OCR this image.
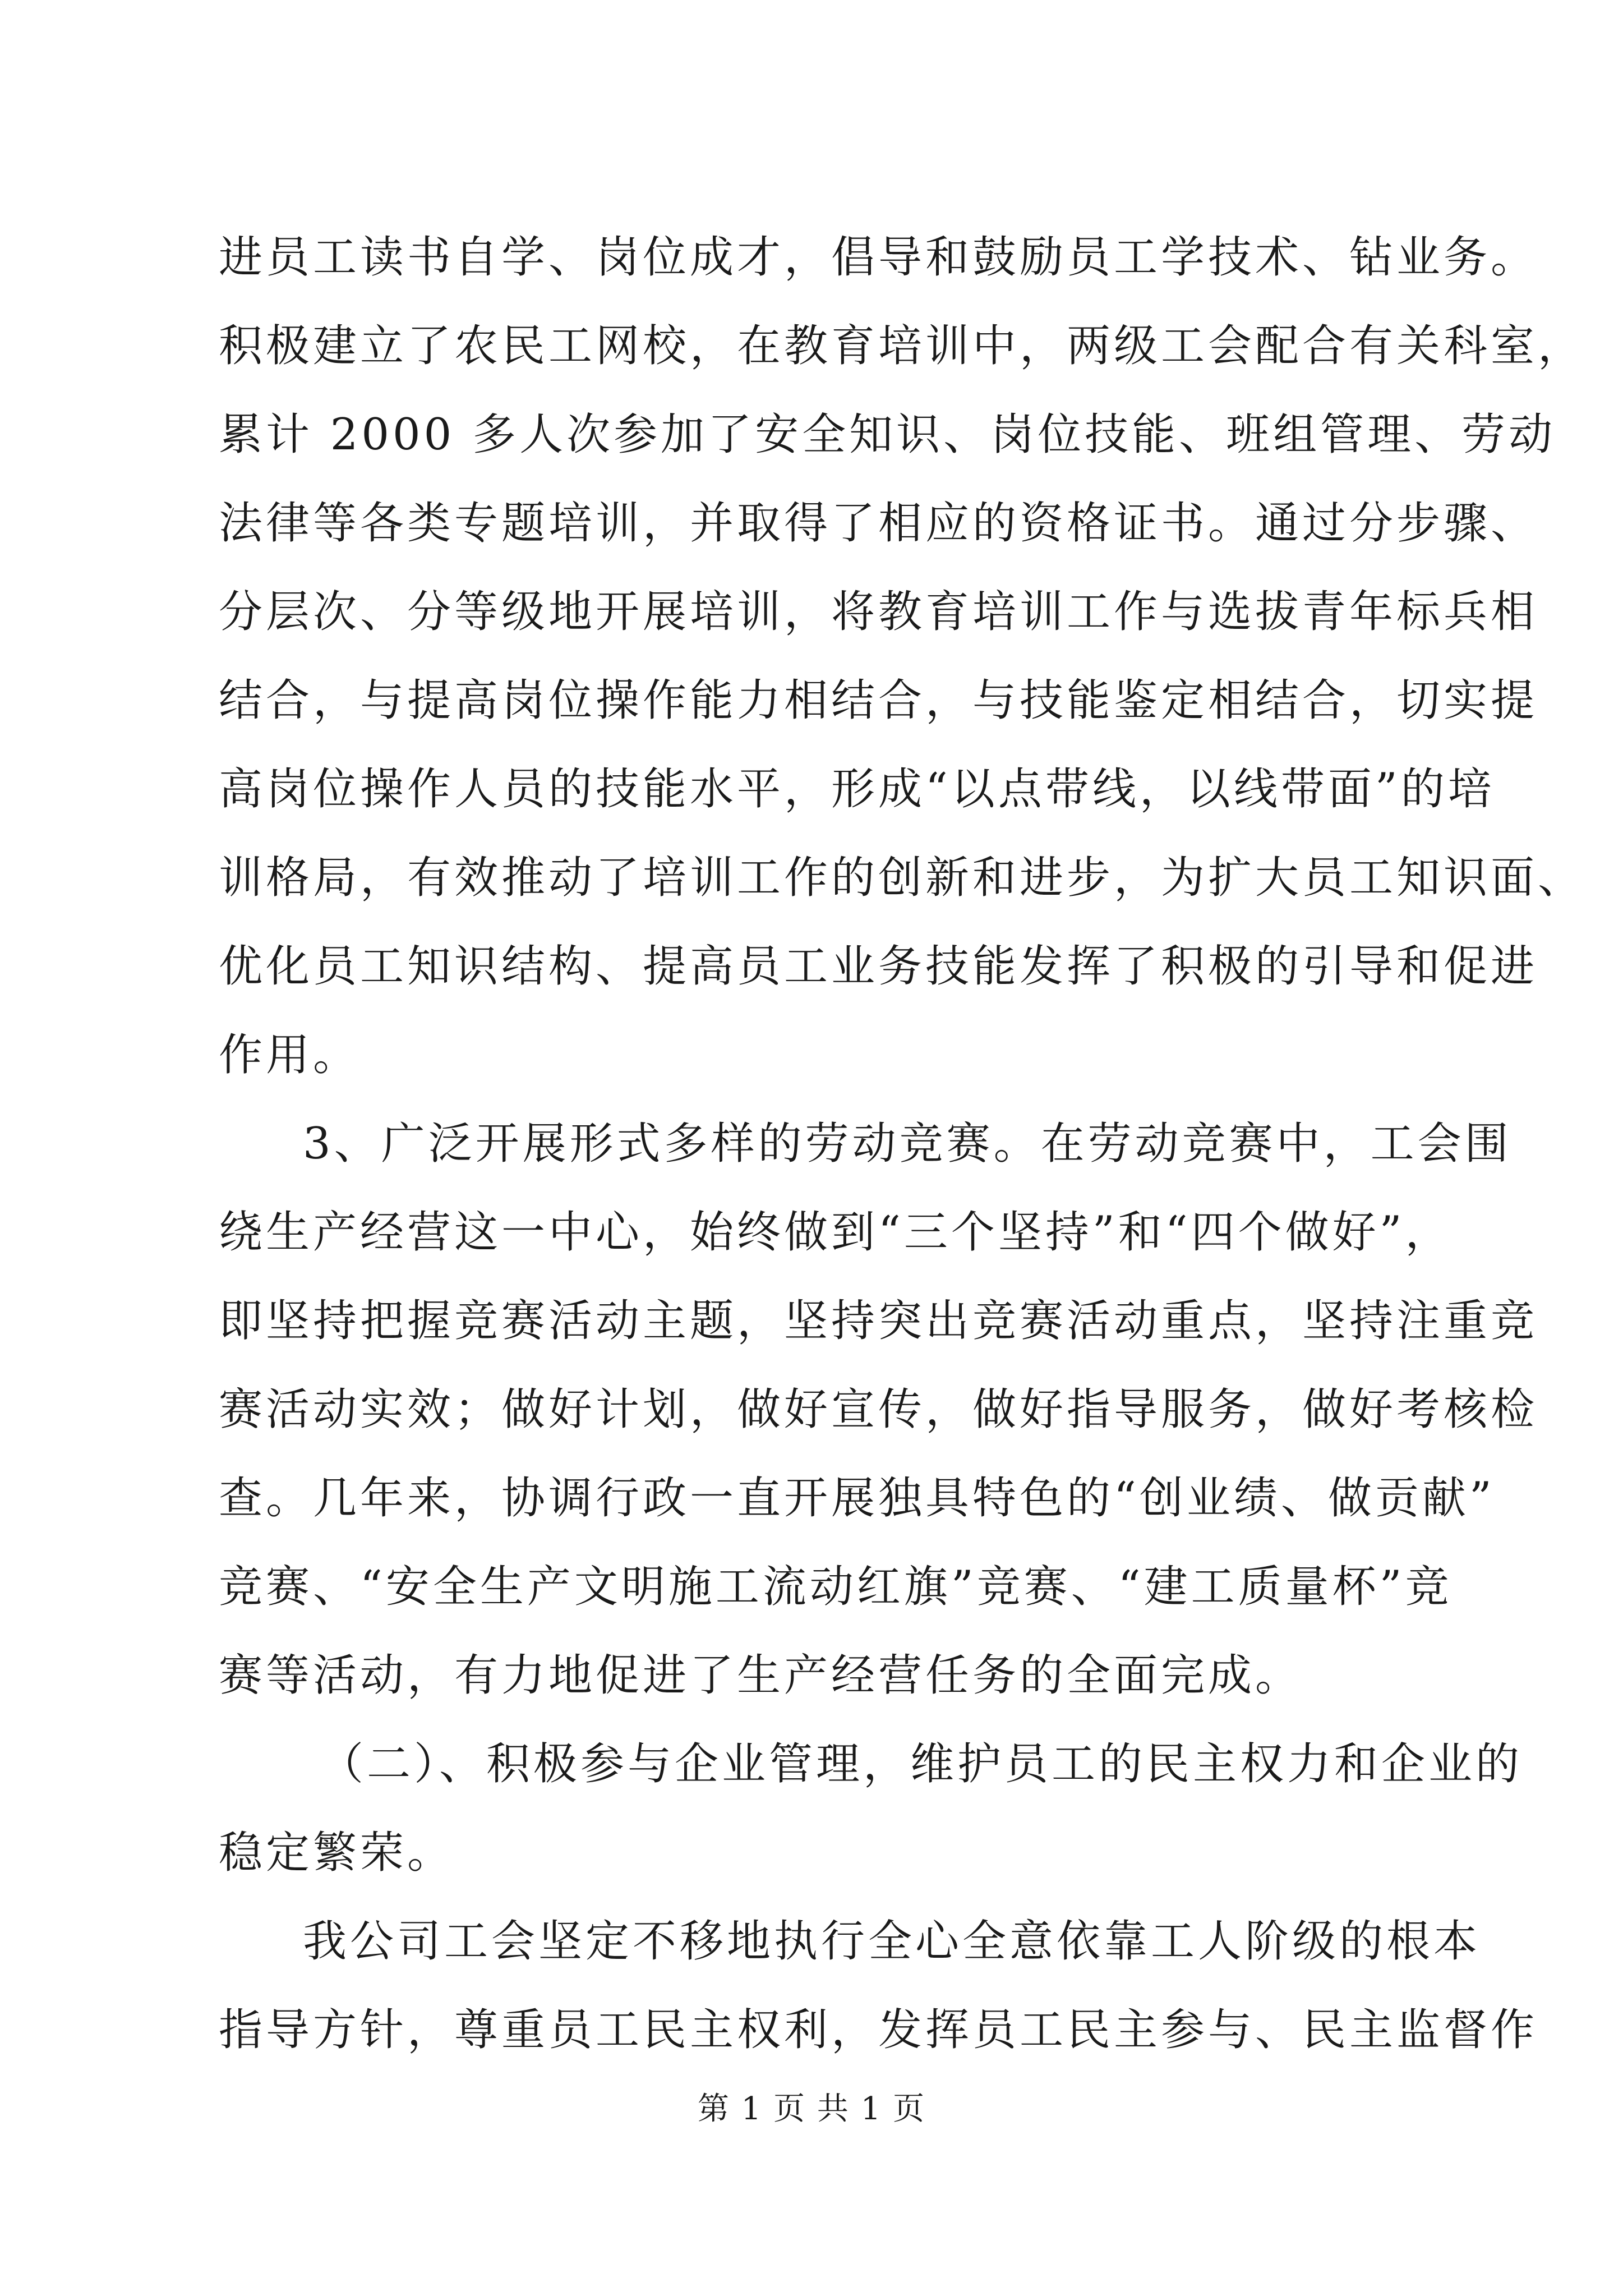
进员工读书自学、岗位成才，倡导和鼓励员工学技术、钻业务。
积极建立了农民工网校，在教育培训中，两级工会配合有关科室，
累计 2000 多人次参加了安全知识、岗位技能、班组管理、劳动
法律等各类专题培训，并取得了相应的资格证书。通过分步骤、
分层次、分等级地开展培训，将教育培训工作与选拔青年标兵相
结合，与提高岗位操作能力相结合，与技能鉴定相结合，切实提
高岗位操作人员的技能水平，形成“以点带线，以线带面”的培
训格局，有效推动了培训工作的创新和进步，为扩大员工知识面、
优化员工知识结构、提高员工业务技能发挥了积极的引导和促进
作用。
3、广泛开展形式多样的劳动竞赛。在劳动竞赛中，工会围
绕生产经营这一中心，始终做到“三个坚持”和“四个做好”，
即坚持把握竞赛活动主题，坚持突出竞赛活动重点，坚持注重竞
赛活动实效；做好计划，做好宣传，做好指导服务，做好考核检
查。几年来，协调行政一直开展独具特色的“创业绩、做贡献”
竞赛、“安全生产文明施工流动红旗”竞赛、“建工质量杯”竞
赛等活动，有力地促进了生产经营任务的全面完成。
（二）、积极参与企业管理，维护员工的民主权力和企业的
稳定繁荣。
我公司工会坚定不移地执行全心全意依靠工人阶级的根本
指导方针，尊重员工民主权利，发挥员工民主参与、民主监督作
第 1 页 共 1 页
